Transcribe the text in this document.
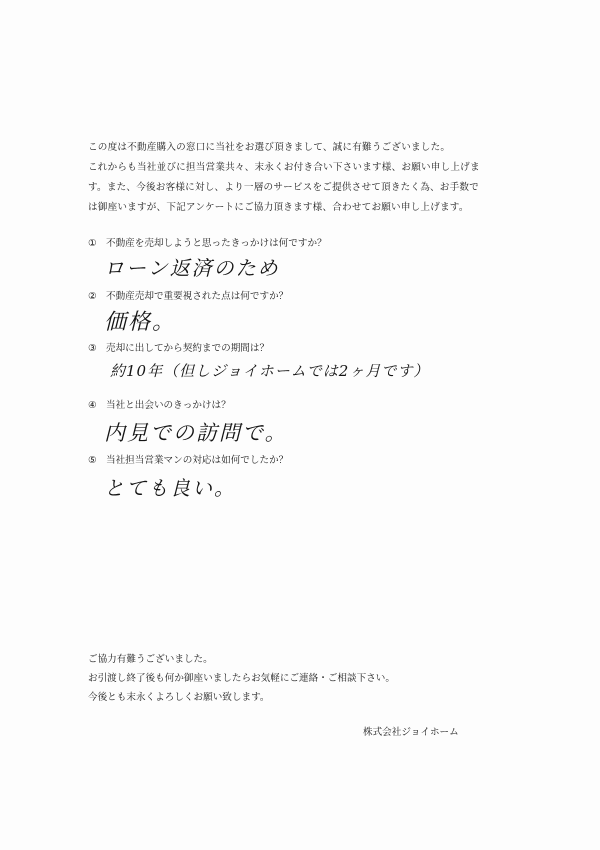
この度は不動産購入の窓口に当社をお選び頂きまして、誠に有難うございました。

これからも当社並びに担当営業共々、末永くお付き合い下さいます様、お願い申し上げま

す。また、今後お客様に対し、より一層のサービスをご提供させて頂きたく為、お手数で

は御座いますが、下記アンケートにご協力頂きます様、合わせてお願い申し上げます。

① 不動産を売却しようと思ったきっかけは何ですか？
ローン返済のため
② 不動産売却で重要視された点は何ですか？
価格。
③ 売却に出してから契約までの期間は？
約10年（但しジョイホームでは2ヶ月です）
④ 当社と出会いのきっかけは？
内見での訪問で。
⑤ 当社担当営業マンの対応は如何でしたか？
とても良い。

ご協力有難うございました。

お引渡し終了後も何か御座いましたらお気軽にご連絡・ご相談下さい。

今後とも末永くよろしくお願い致します。

株式会社ジョイホーム
